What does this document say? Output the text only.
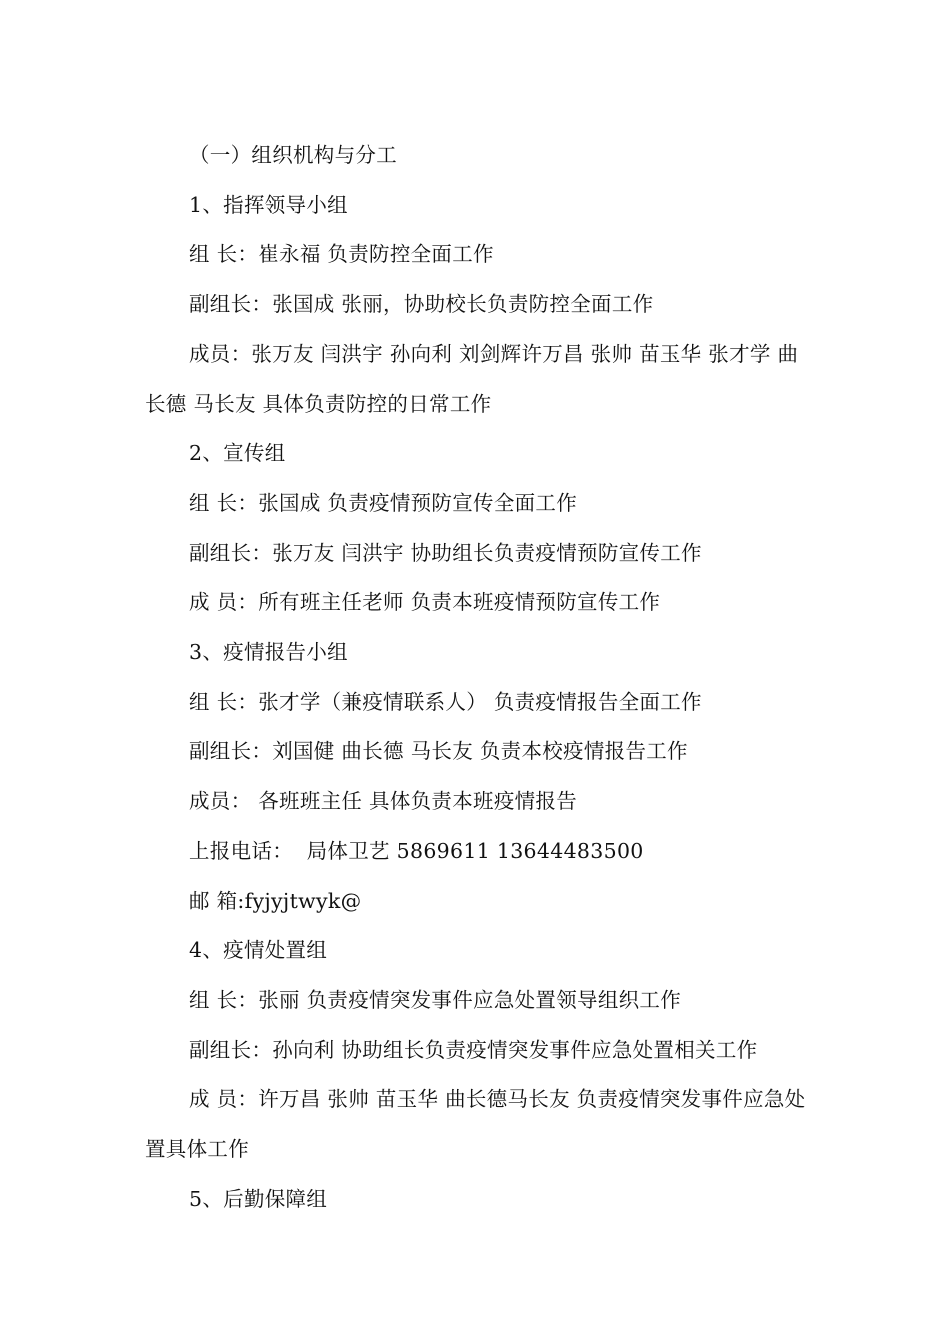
（一）组织机构与分工

1、指挥领导小组

组 长：崔永福 负责防控全面工作

副组长：张国成 张丽，协助校长负责防控全面工作

成员：张万友 闫洪宇 孙向利 刘剑辉许万昌 张帅 苗玉华 张才学 曲长德 马长友 具体负责防控的日常工作

2、宣传组

组 长：张国成 负责疫情预防宣传全面工作

副组长：张万友 闫洪宇 协助组长负责疫情预防宣传工作

成 员：所有班主任老师 负责本班疫情预防宣传工作

3、疫情报告小组

组 长：张才学（兼疫情联系人） 负责疫情报告全面工作

副组长：刘国健 曲长德 马长友 负责本校疫情报告工作

成员： 各班班主任 具体负责本班疫情报告

上报电话：  局体卫艺 5869611 13644483500

邮 箱:fyjyjtwyk@

4、疫情处置组

组 长：张丽 负责疫情突发事件应急处置领导组织工作

副组长：孙向利 协助组长负责疫情突发事件应急处置相关工作

成 员：许万昌 张帅 苗玉华 曲长德马长友 负责疫情突发事件应急处置具体工作

5、后勤保障组
